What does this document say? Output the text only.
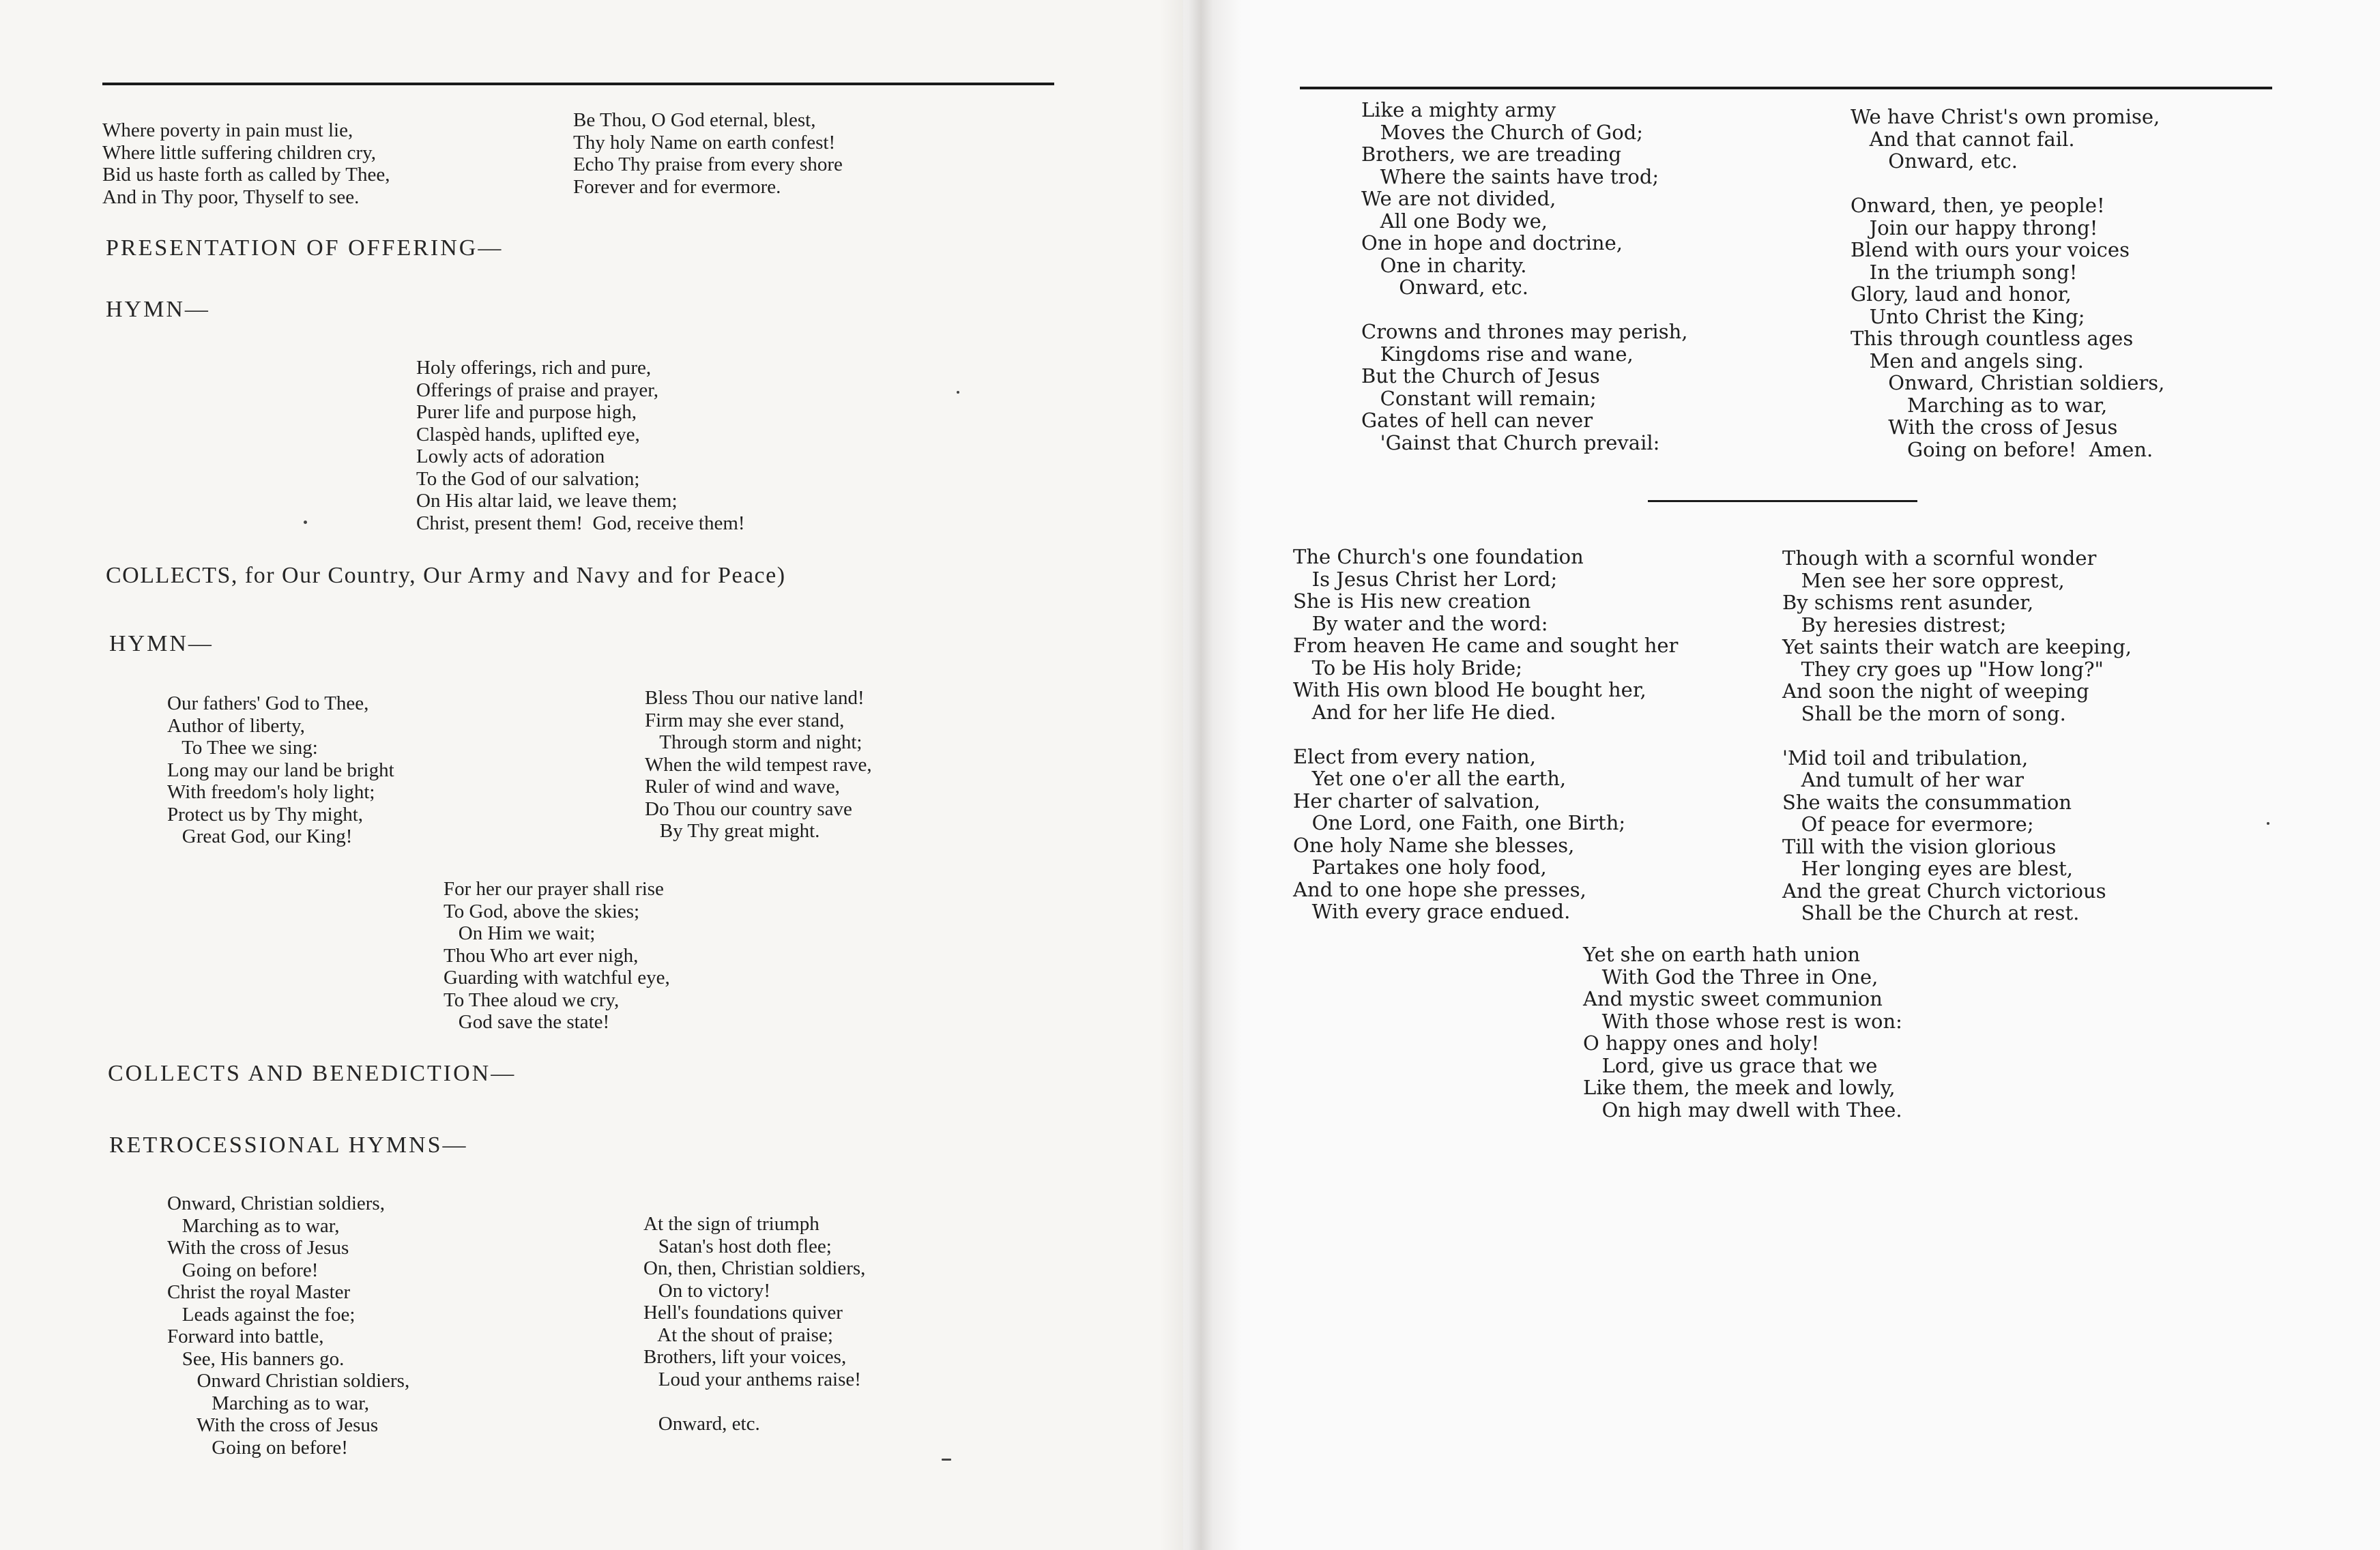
Where poverty in pain must lie,
Where little suffering children cry,
Bid us haste forth as called by Thee,
And in Thy poor, Thyself to see.
Be Thou, O God eternal, blest,
Thy holy Name on earth confest!
Echo Thy praise from every shore
Forever and for evermore.
PRESENTATION OF OFFERING—
HYMN—
Holy offerings, rich and pure,
Offerings of praise and prayer,
Purer life and purpose high,
Claspèd hands, uplifted eye,
Lowly acts of adoration
To the God of our salvation;
On His altar laid, we leave them;
Christ, present them!  God, receive them!
COLLECTS, for Our Country, Our Army and Navy and for Peace)
HYMN—
Our fathers' God to Thee,
Author of liberty,
To Thee we sing:
Long may our land be bright
With freedom's holy light;
Protect us by Thy might,
Great God, our King!
Bless Thou our native land!
Firm may she ever stand,
Through storm and night;
When the wild tempest rave,
Ruler of wind and wave,
Do Thou our country save
By Thy great might.
For her our prayer shall rise
To God, above the skies;
On Him we wait;
Thou Who art ever nigh,
Guarding with watchful eye,
To Thee aloud we cry,
God save the state!
COLLECTS AND BENEDICTION—
RETROCESSIONAL HYMNS—
Onward, Christian soldiers,
Marching as to war,
With the cross of Jesus
Going on before!
Christ the royal Master
Leads against the foe;
Forward into battle,
See, His banners go.
Onward Christian soldiers,
Marching as to war,
With the cross of Jesus
Going on before!
At the sign of triumph
Satan's host doth flee;
On, then, Christian soldiers,
On to victory!
Hell's foundations quiver
At the shout of praise;
Brothers, lift your voices,
Loud your anthems raise!

Onward, etc.
Like a mighty army
Moves the Church of God;
Brothers, we are treading
Where the saints have trod;
We are not divided,
All one Body we,
One in hope and doctrine,
One in charity.
Onward, etc.

Crowns and thrones may perish,
Kingdoms rise and wane,
But the Church of Jesus
Constant will remain;
Gates of hell can never
'Gainst that Church prevail:
We have Christ's own promise,
And that cannot fail.
Onward, etc.

Onward, then, ye people!
Join our happy throng!
Blend with ours your voices
In the triumph song!
Glory, laud and honor,
Unto Christ the King;
This through countless ages
Men and angels sing.
Onward, Christian soldiers,
Marching as to war,
With the cross of Jesus
Going on before!  Amen.
The Church's one foundation
Is Jesus Christ her Lord;
She is His new creation
By water and the word:
From heaven He came and sought her
To be His holy Bride;
With His own blood He bought her,
And for her life He died.

Elect from every nation,
Yet one o'er all the earth,
Her charter of salvation,
One Lord, one Faith, one Birth;
One holy Name she blesses,
Partakes one holy food,
And to one hope she presses,
With every grace endued.
Though with a scornful wonder
Men see her sore opprest,
By schisms rent asunder,
By heresies distrest;
Yet saints their watch are keeping,
They cry goes up "How long?"
And soon the night of weeping
Shall be the morn of song.

'Mid toil and tribulation,
And tumult of her war
She waits the consummation
Of peace for evermore;
Till with the vision glorious
Her longing eyes are blest,
And the great Church victorious
Shall be the Church at rest.
Yet she on earth hath union
With God the Three in One,
And mystic sweet communion
With those whose rest is won:
O happy ones and holy!
Lord, give us grace that we
Like them, the meek and lowly,
On high may dwell with Thee.
